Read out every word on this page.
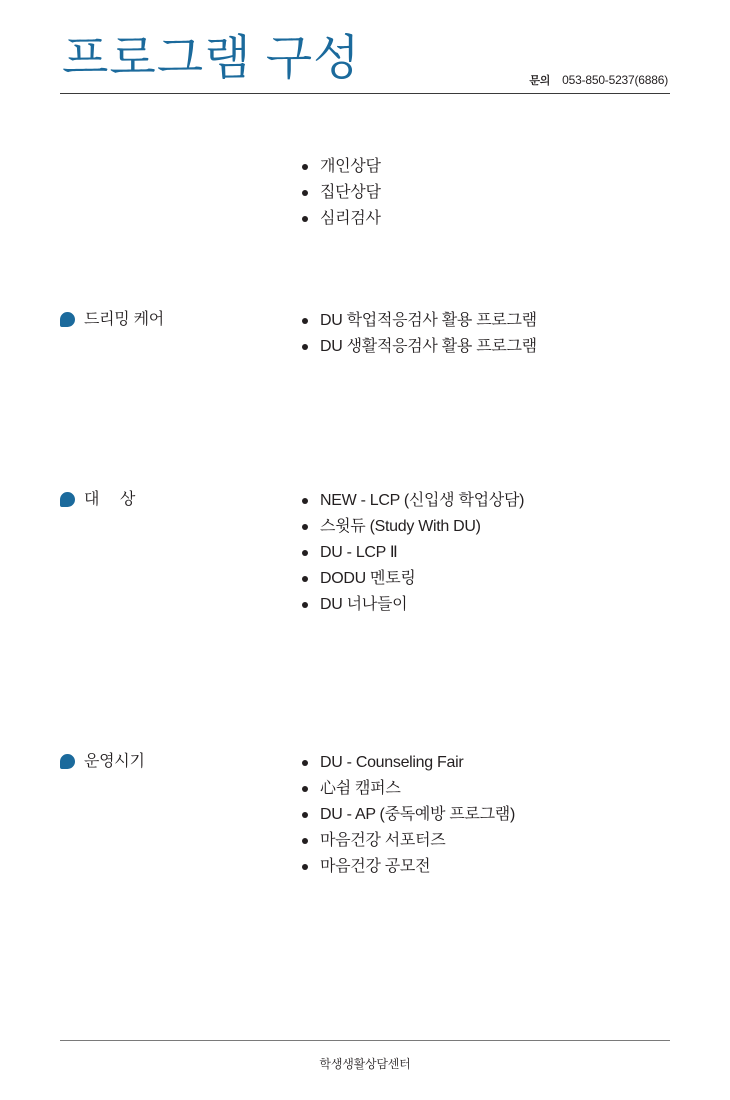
프로그램 구성	문의 053-850-5237(6886)
개인상담
집단상담
심리검사
드리밍 케어	DU 학업적응검사 활용 프로그램
DU 생활적응검사 활용 프로그램
대     상	NEW - LCP (신입생 학업상담)
스윗듀 (Study With DU)
DU - LCP Ⅱ
DODU 멘토링
DU 너나들이
운영시기	DU - Counseling Fair
心쉼 캠퍼스
DU - AP (중독예방 프로그램)
마음건강 서포터즈
마음건강 공모전
학생생활상담센터
